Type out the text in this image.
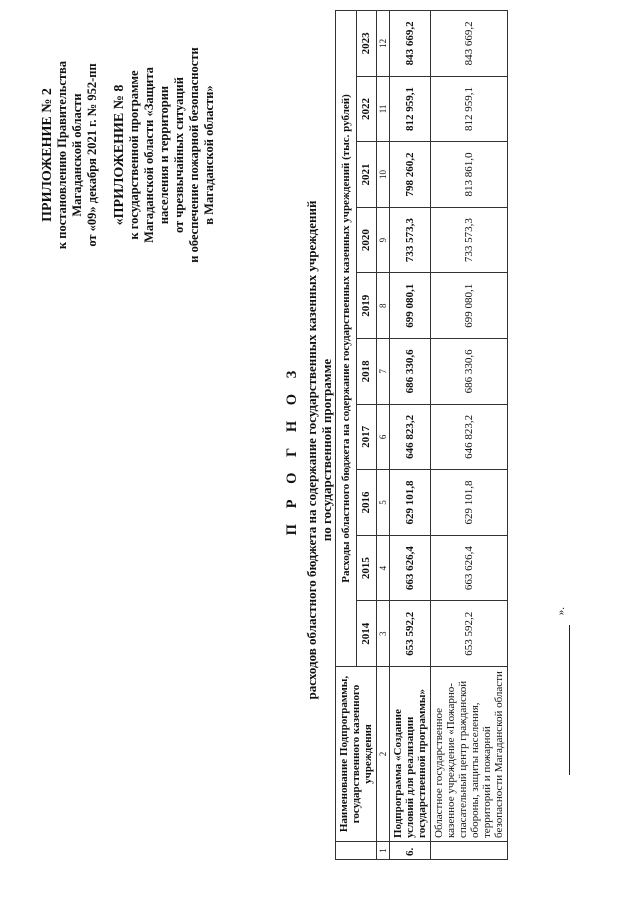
ПРИЛОЖЕНИЕ № 2 к постановлению Правительства Магаданской области от «09» декабря 2021 г. № 952-пп «ПРИЛОЖЕНИЕ № 8 к государственной программе Магаданской области «Защита населения и территории от чрезвычайных ситуаций и обеспечение пожарной безопасности в Магаданской области»

П Р О Г Н О З расходов областного бюджета на содержание государственных казенных учреждений по государственной программе
	Наименование Подпрограммы, государственного казенного учреждения	Расходы областного бюджета на содержание государственных казенных учреждений (тыс. рублей)									
		2014	2015	2016	2017	2018	2019	2020	2021	2022	2023
1	2	3	4	5	6	7	8	9	10	11	12
6.	Подпрограмма «Создание условий для реализации государственной программы»	653 592,2	663 626,4	629 101,8	646 823,2	686 330,6	699 080,1	733 573,3	798 260,2	812 959,1	843 669,2
	Областное государственное казенное учреждение «Пожарно-спасательный центр гражданской обороны, защиты населения, территорий и пожарной безопасности Магаданской области	653 592,2	663 626,4	629 101,8	646 823,2	686 330,6	699 080,1	733 573,3	813 861,0	812 959,1	843 669,2
».
